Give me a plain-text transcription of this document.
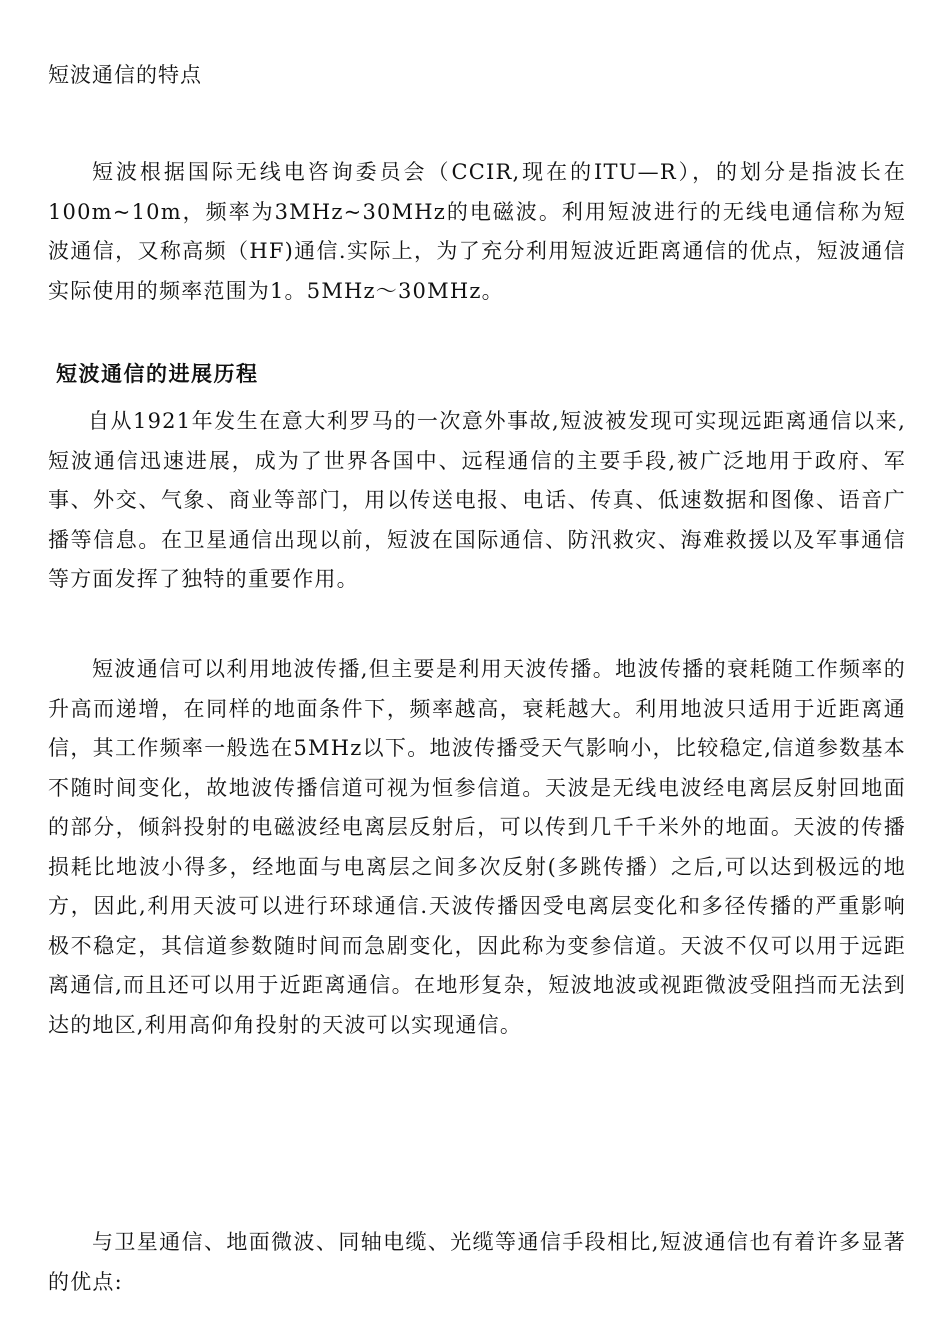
短波通信的特点

短波根据国际无线电咨询委员会（CCIR,现在的ITU—R），的划分是指波长在100m~10m，频率为3MHz~30MHz的电磁波。利用短波进行的无线电通信称为短波通信，又称高频（HF)通信.实际上，为了充分利用短波近距离通信的优点，短波通信实际使用的频率范围为1。5MHz～30MHz。

短波通信的进展历程

自从1921年发生在意大利罗马的一次意外事故,短波被发现可实现远距离通信以来,短波通信迅速进展，成为了世界各国中、远程通信的主要手段,被广泛地用于政府、军事、外交、气象、商业等部门，用以传送电报、电话、传真、低速数据和图像、语音广播等信息。在卫星通信出现以前，短波在国际通信、防汛救灾、海难救援以及军事通信等方面发挥了独特的重要作用。

短波通信可以利用地波传播,但主要是利用天波传播。地波传播的衰耗随工作频率的升高而递增，在同样的地面条件下，频率越高，衰耗越大。利用地波只适用于近距离通信，其工作频率一般选在5MHz以下。地波传播受天气影响小，比较稳定,信道参数基本不随时间变化，故地波传播信道可视为恒参信道。天波是无线电波经电离层反射回地面的部分，倾斜投射的电磁波经电离层反射后，可以传到几千千米外的地面。天波的传播损耗比地波小得多，经地面与电离层之间多次反射(多跳传播）之后,可以达到极远的地方，因此,利用天波可以进行环球通信.天波传播因受电离层变化和多径传播的严重影响极不稳定，其信道参数随时间而急剧变化，因此称为变参信道。天波不仅可以用于远距离通信,而且还可以用于近距离通信。在地形复杂，短波地波或视距微波受阻挡而无法到达的地区,利用高仰角投射的天波可以实现通信。

与卫星通信、地面微波、同轴电缆、光缆等通信手段相比,短波通信也有着许多显著的优点:
